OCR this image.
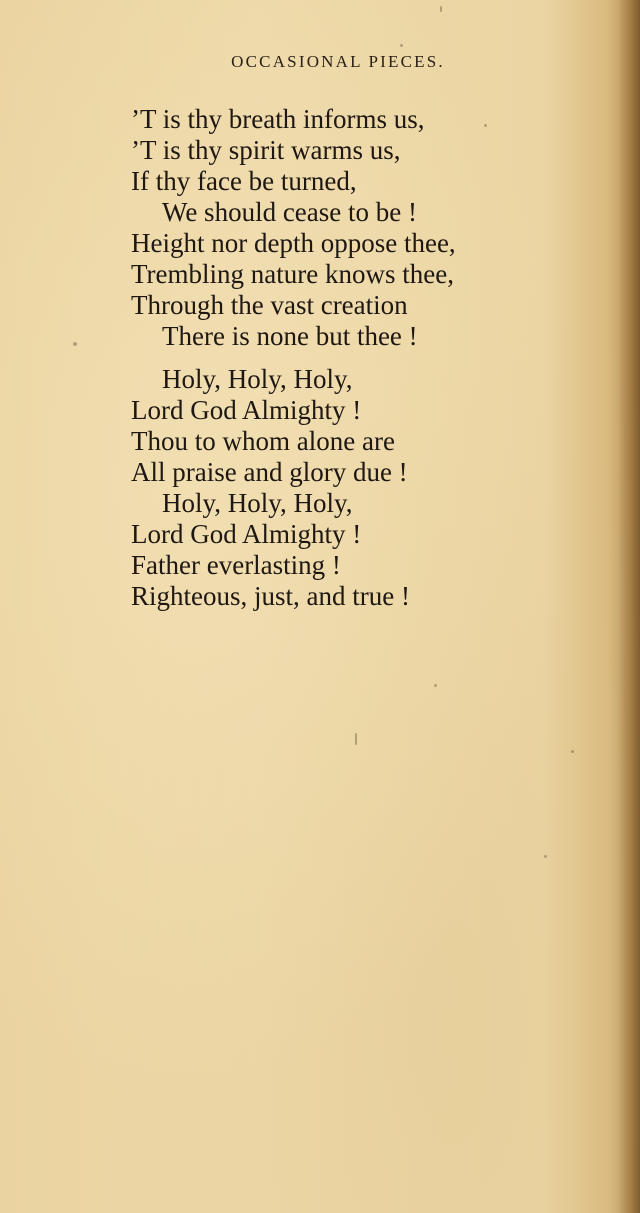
OCCASIONAL PIECES.
’T is thy breath informs us,
’T is thy spirit warms us,
If thy face be turned,
We should cease to be !
Height nor depth oppose thee,
Trembling nature knows thee,
Through the vast creation
There is none but thee !
Holy, Holy, Holy,
Lord God Almighty !
Thou to whom alone are
All praise and glory due !
Holy, Holy, Holy,
Lord God Almighty !
Father everlasting !
Righteous, just, and true !
